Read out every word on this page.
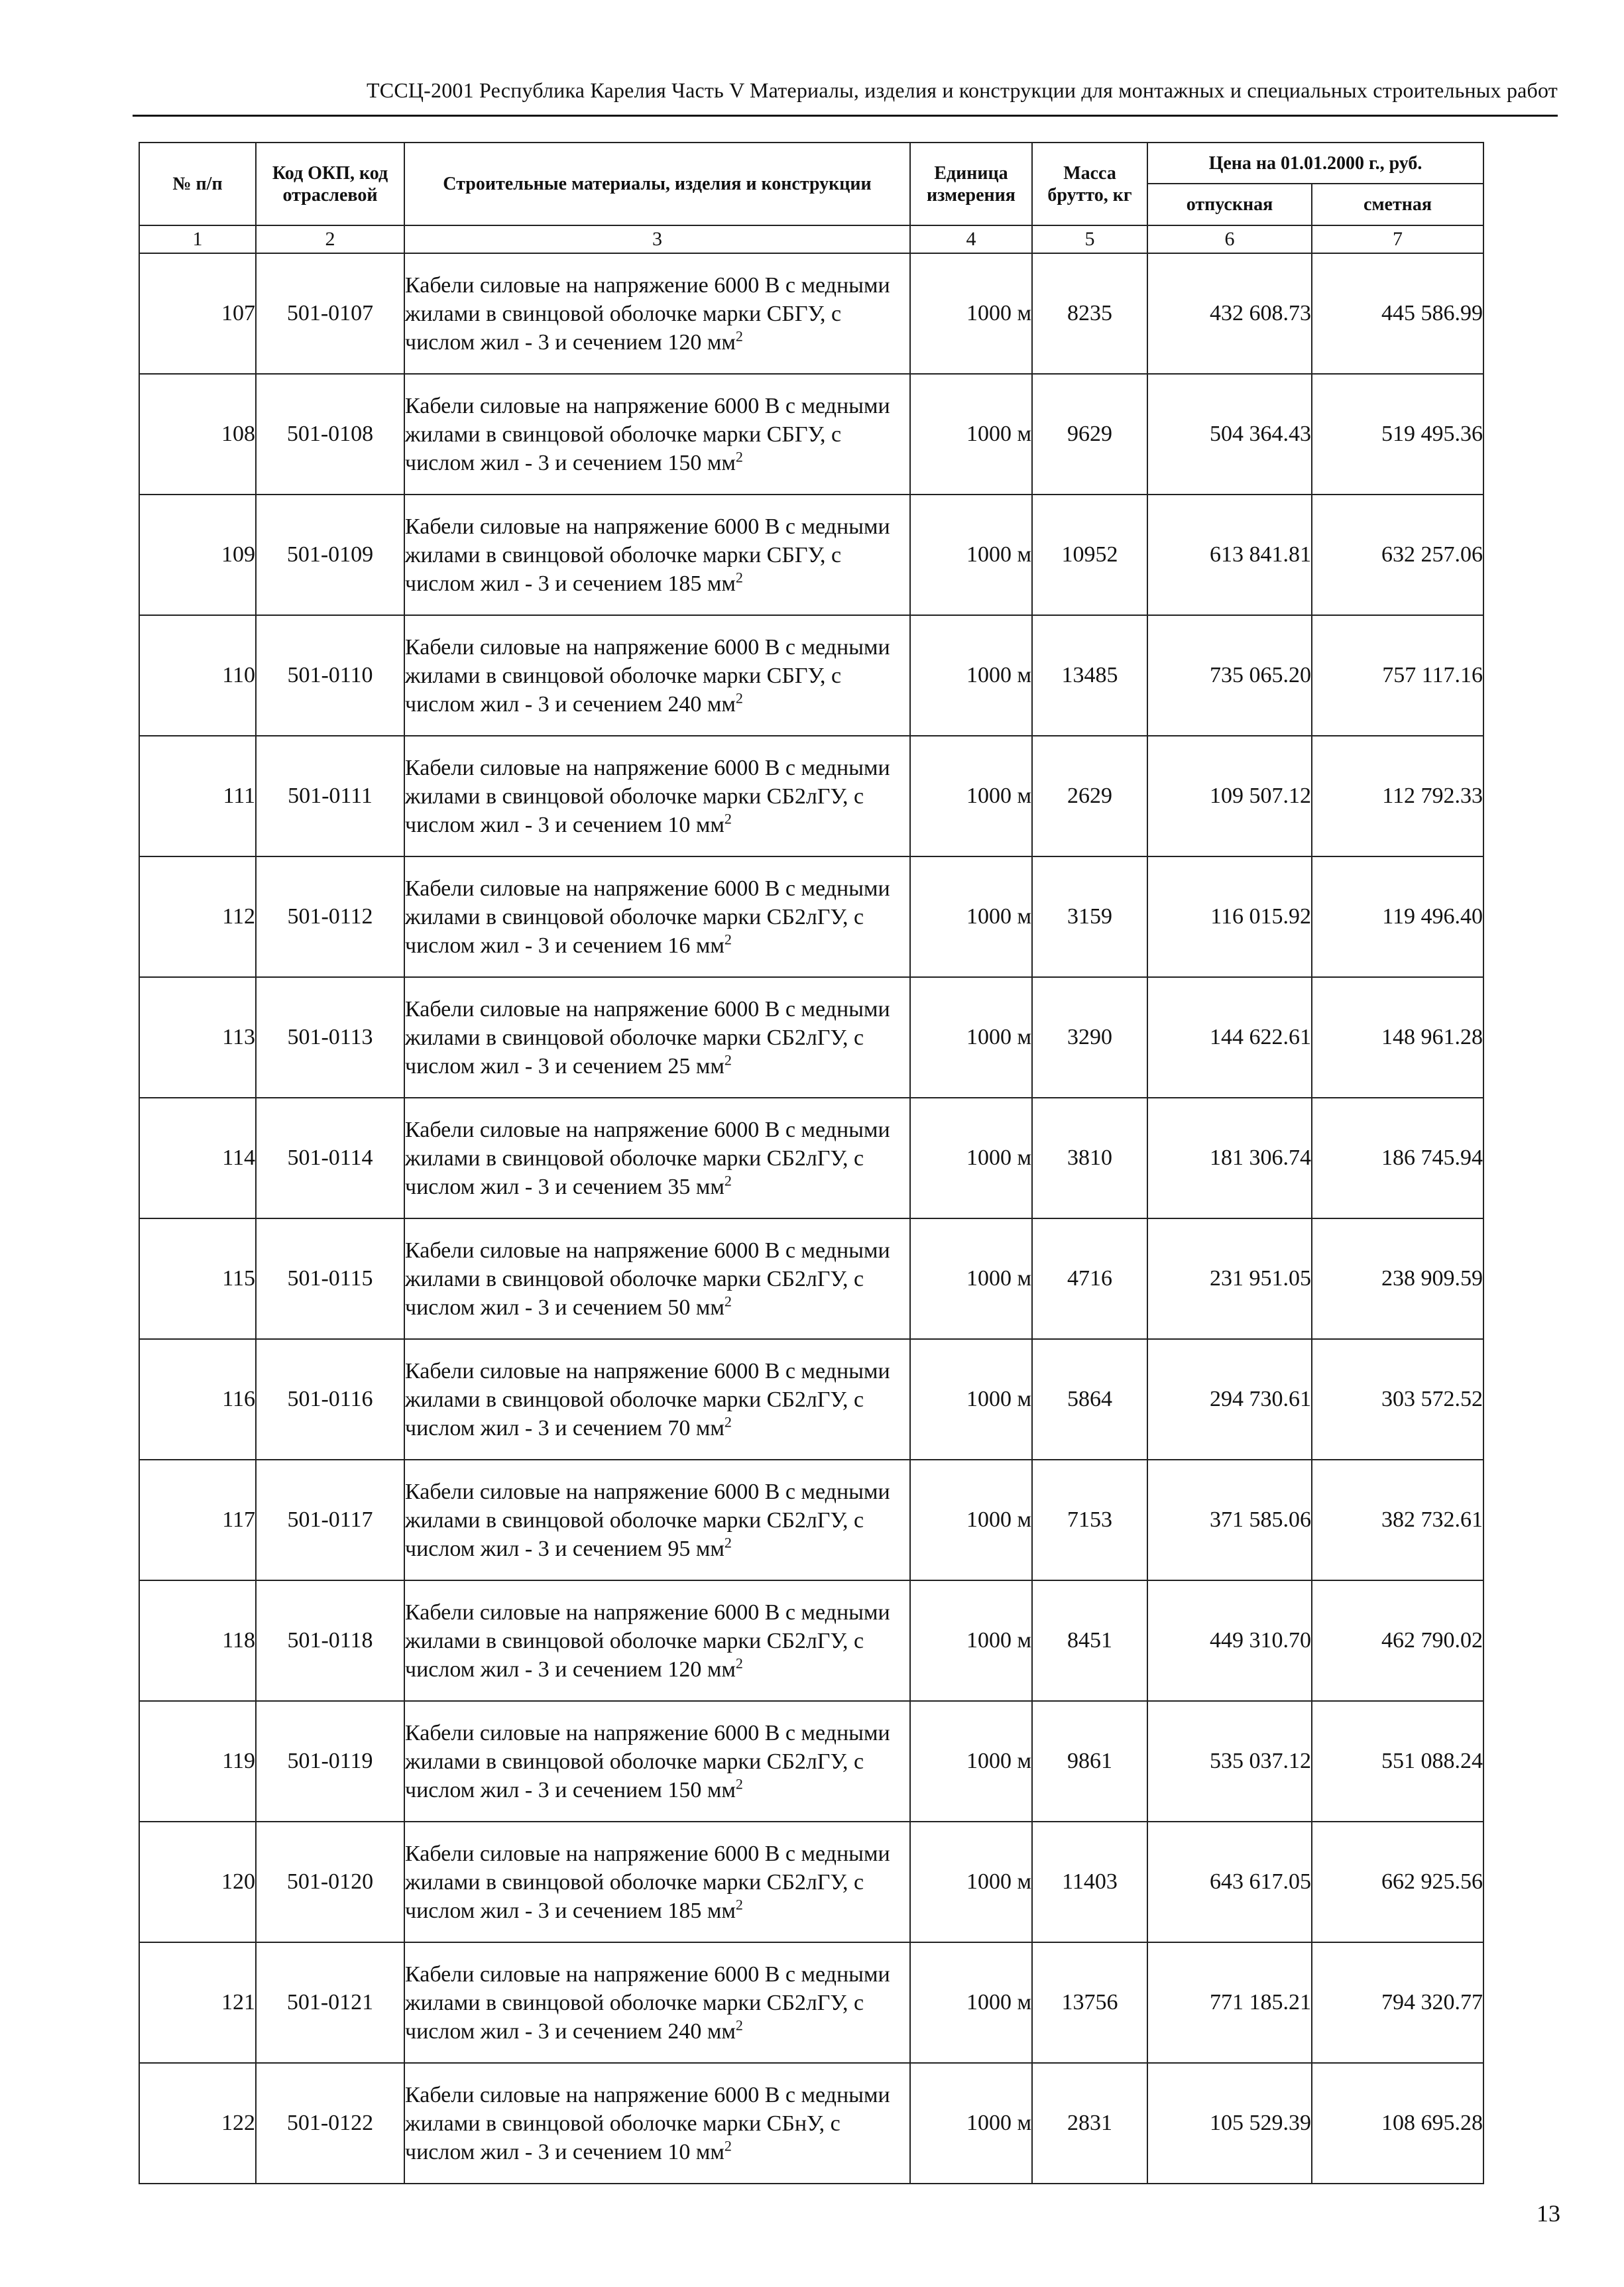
ТССЦ-2001 Республика Карелия Часть V Материалы, изделия и конструкции для монтажных и специальных строительных работ
№ п/п	Код ОКП, код отраслевой	Строительные материалы, изделия и конструкции	Единица измерения	Масса брутто, кг	Цена на 01.01.2000 г., руб.	
					отпускная	сметная
1	2	3	4	5	6	7
107	501-0107	Кабели силовые на напряжение 6000 В с медными жилами в свинцовой оболочке марки СБГУ, с числом жил - 3 и сечением 120 $мм^2$	1000 м	8235	432 608.73	445 586.99
108	501-0108	Кабели силовые на напряжение 6000 В с медными жилами в свинцовой оболочке марки СБГУ, с числом жил - 3 и сечением 150 $мм^2$	1000 м	9629	504 364.43	519 495.36
109	501-0109	Кабели силовые на напряжение 6000 В с медными жилами в свинцовой оболочке марки СБГУ, с числом жил - 3 и сечением 185 $мм^2$	1000 м	10952	613 841.81	632 257.06
110	501-0110	Кабели силовые на напряжение 6000 В с медными жилами в свинцовой оболочке марки СБГУ, с числом жил - 3 и сечением 240 $мм^2$	1000 м	13485	735 065.20	757 117.16
111	501-0111	Кабели силовые на напряжение 6000 В с медными жилами в свинцовой оболочке марки СБ2лГУ, с числом жил - 3 и сечением 10 $мм^2$	1000 м	2629	109 507.12	112 792.33
112	501-0112	Кабели силовые на напряжение 6000 В с медными жилами в свинцовой оболочке марки СБ2лГУ, с числом жил - 3 и сечением 16 $мм^2$	1000 м	3159	116 015.92	119 496.40
113	501-0113	Кабели силовые на напряжение 6000 В с медными жилами в свинцовой оболочке марки СБ2лГУ, с числом жил - 3 и сечением 25 $мм^2$	1000 м	3290	144 622.61	148 961.28
114	501-0114	Кабели силовые на напряжение 6000 В с медными жилами в свинцовой оболочке марки СБ2лГУ, с числом жил - 3 и сечением 35 $мм^2$	1000 м	3810	181 306.74	186 745.94
115	501-0115	Кабели силовые на напряжение 6000 В с медными жилами в свинцовой оболочке марки СБ2лГУ, с числом жил - 3 и сечением 50 $мм^2$	1000 м	4716	231 951.05	238 909.59
116	501-0116	Кабели силовые на напряжение 6000 В с медными жилами в свинцовой оболочке марки СБ2лГУ, с числом жил - 3 и сечением 70 $мм^2$	1000 м	5864	294 730.61	303 572.52
117	501-0117	Кабели силовые на напряжение 6000 В с медными жилами в свинцовой оболочке марки СБ2лГУ, с числом жил - 3 и сечением 95 $мм^2$	1000 м	7153	371 585.06	382 732.61
118	501-0118	Кабели силовые на напряжение 6000 В с медными жилами в свинцовой оболочке марки СБ2лГУ, с числом жил - 3 и сечением 120 $мм^2$	1000 м	8451	449 310.70	462 790.02
119	501-0119	Кабели силовые на напряжение 6000 В с медными жилами в свинцовой оболочке марки СБ2лГУ, с числом жил - 3 и сечением 150 $мм^2$	1000 м	9861	535 037.12	551 088.24
120	501-0120	Кабели силовые на напряжение 6000 В с медными жилами в свинцовой оболочке марки СБ2лГУ, с числом жил - 3 и сечением 185 $мм^2$	1000 м	11403	643 617.05	662 925.56
121	501-0121	Кабели силовые на напряжение 6000 В с медными жилами в свинцовой оболочке марки СБ2лГУ, с числом жил - 3 и сечением 240 $мм^2$	1000 м	13756	771 185.21	794 320.77
122	501-0122	Кабели силовые на напряжение 6000 В с медными жилами в свинцовой оболочке марки СБнУ, с числом жил - 3 и сечением 10 $мм^2$	1000 м	2831	105 529.39	108 695.28
13
